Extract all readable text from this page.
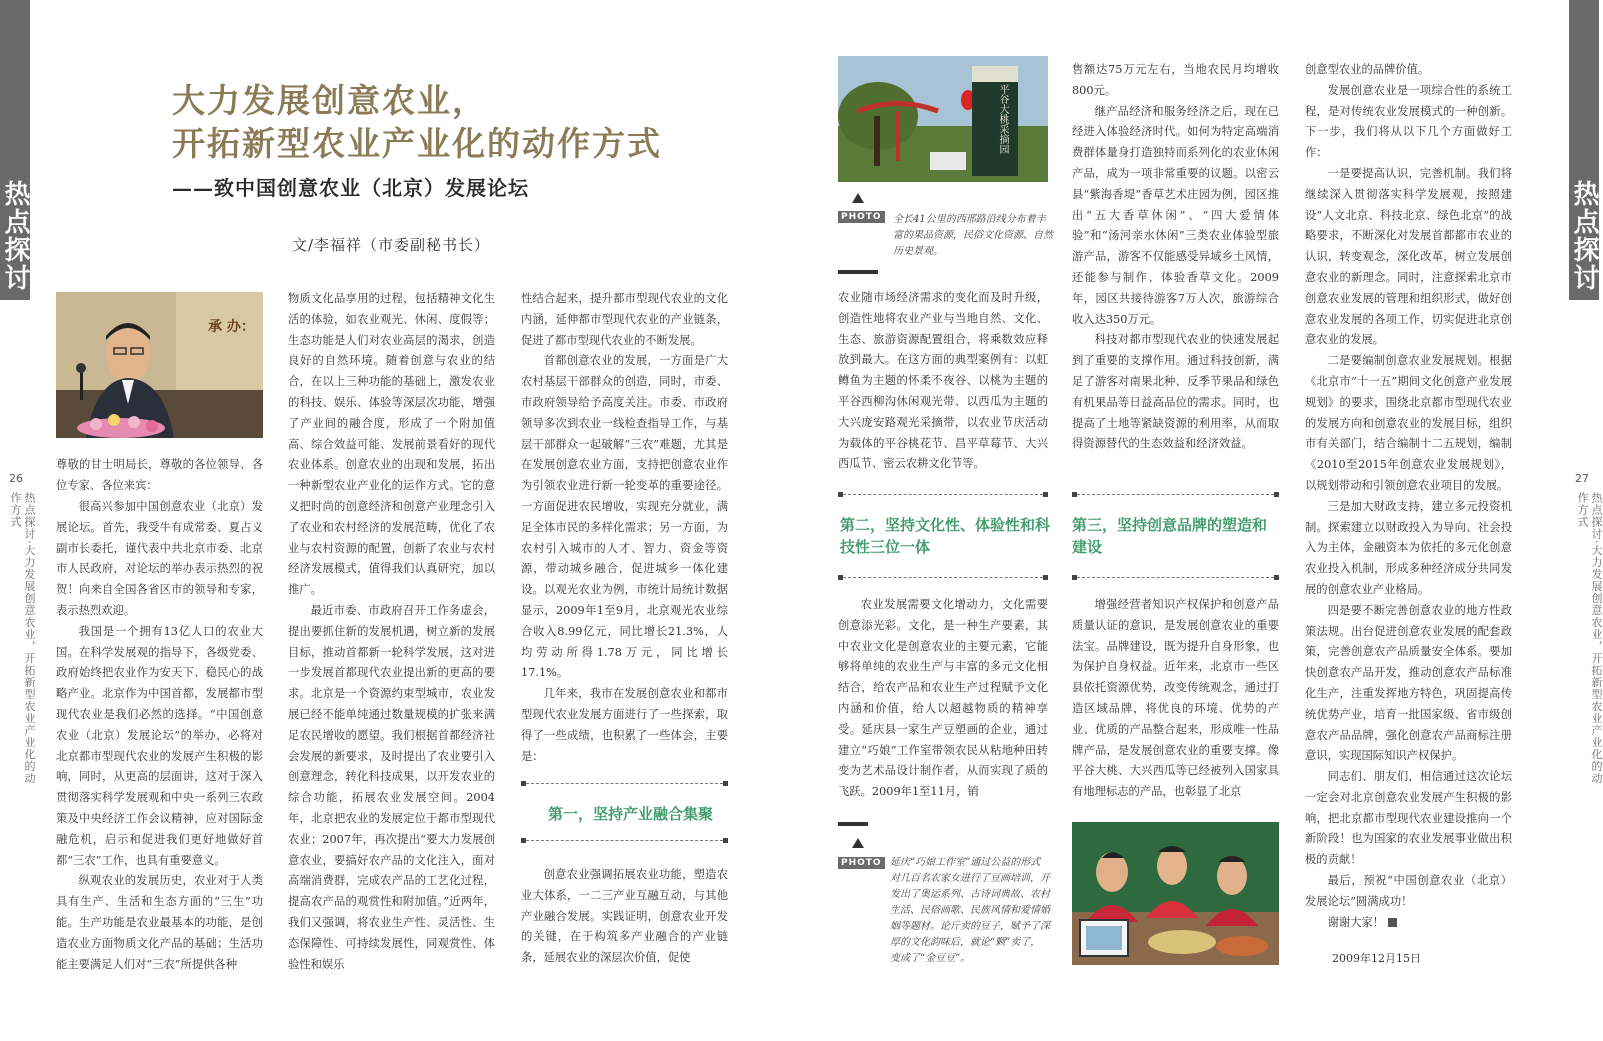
热点探讨	热点探讨
26
热点探讨·大力发展创意农业，开拓新型农业产业化的动作方式
27
热点探讨·大力发展创意农业，开拓新型农业产业化的动作方式
大力发展创意农业，
开拓新型农业产业化的动作方式
——致中国创意农业（北京）发展论坛
文/李福祥（市委副秘书长）
承 办：

尊敬的甘士明局长，尊敬的各位领导、各位专家、各位来宾：

很高兴参加中国创意农业（北京）发展论坛。首先，我受牛有成常委、夏占义副市长委托，谨代表中共北京市委、北京市人民政府，对论坛的举办表示热烈的祝贺！向来自全国各省区市的领导和专家，表示热烈欢迎。

我国是一个拥有13亿人口的农业大国。在科学发展观的指导下，各级党委、政府始终把农业作为安天下、稳民心的战略产业。北京作为中国首都，发展都市型现代农业是我们必然的选择。“中国创意农业（北京）发展论坛”的举办，必将对北京都市型现代农业的发展产生积极的影响，同时，从更高的层面讲，这对于深入贯彻落实科学发展观和中央一系列三农政策及中央经济工作会议精神，应对国际金融危机，启示和促进我们更好地做好首都“三农”工作，也具有重要意义。

纵观农业的发展历史，农业对于人类具有生产、生活和生态方面的“三生”功能。生产功能是农业最基本的功能，是创造农业方面物质文化产品的基础；生活功能主要满足人们对“三农”所提供各种

物质文化品享用的过程，包括精神文化生活的体验，如农业观光、休闲、度假等；生态功能是人们对农业高层的渴求，创造良好的自然环境。随着创意与农业的结合，在以上三种功能的基础上，激发农业的科技、娱乐、体验等深层次功能，增强了产业间的融合度，形成了一个附加值高、综合效益可能、发展前景看好的现代农业体系。创意农业的出现和发展，拓出一种新型农业产业化的运作方式。它的意义把时尚的创意经济和创意产业理念引入了农业和农村经济的发展范畴，优化了农业与农村资源的配置，创新了农业与农村经济发展模式，值得我们认真研究，加以推广。

最近市委、市政府召开工作务虚会，提出要抓住新的发展机遇，树立新的发展目标，推动首都新一轮科学发展，这对进一步发展首都现代农业提出新的更高的要求。北京是一个资源约束型城市，农业发展已经不能单纯通过数量规模的扩张来满足农民增收的愿望。我们根据首都经济社会发展的新要求，及时提出了农业要引入创意理念，转化科技成果，以开发农业的综合功能，拓展农业发展空间。2004年，北京把农业的发展定位于都市型现代农业；2007年，再次提出“要大力发展创意农业，要搞好农产品的文化注入，面对高端消费群，完成农产品的工艺化过程，提高农产品的观赏性和附加值。”近两年，我们又强调，将农业生产性、灵活性、生态保障性、可持续发展性，同观赏性、体验性和娱乐

性结合起来，提升都市型现代农业的文化内涵，延伸都市型现代农业的产业链条，促进了都市型现代农业的不断发展。

首都创意农业的发展，一方面是广大农村基层干部群众的创造，同时，市委、市政府领导给予高度关注。市委、市政府领导多次到农业一线检查指导工作，与基层干部群众一起破解“三农”难题，尤其是在发展创意农业方面，支持把创意农业作为引领农业进行新一轮变革的重要途径。一方面促进农民增收，实现充分就业，满足全体市民的多样化需求；另一方面，为农村引入城市的人才、智力、资金等资源，带动城乡融合，促进城乡一体化建设。以观光农业为例，市统计局统计数据显示，2009年1至9月，北京观光农业综合收入8.99亿元，同比增长21.3%，人均劳动所得1.78万元，同比增长17.1%。

几年来，我市在发展创意农业和都市型现代农业发展方面进行了一些探索，取得了一些成绩，也积累了一些体会，主要是：

第一，坚持产业融合集聚

创意农业强调拓展农业功能，塑造农业大体系，一二三产业互融互动，与其他产业融合发展。实践证明，创意农业开发的关键，在于构筑多产业融合的产业链条，延展农业的深层次价值，促使

平谷大桃采摘园
PHOTO	全长41公里的西邢路沿线分布着丰富的果品资源，民俗文化资源、自然历史景观。

农业随市场经济需求的变化而及时升级，创造性地将农业产业与当地自然、文化、生态、旅游资源配置组合，将乘数效应释放到最大。在这方面的典型案例有：以虹鳟鱼为主题的怀柔不夜谷、以桃为主题的平谷西柳沟休闲观光带、以西瓜为主题的大兴庞安路观光采摘带，以农业节庆活动为载体的平谷桃花节、昌平草莓节、大兴西瓜节、密云农耕文化节等。

第二，坚持文化性、体验性和科技性三位一体

农业发展需要文化增动力，文化需要创意添光彩。文化，是一种生产要素，其中农业文化是创意农业的主要元素，它能够将单纯的农业生产与丰富的多元文化相结合，给农产品和农业生产过程赋予文化内涵和价值，给人以超越物质的精神享受。延庆县一家生产豆塑画的企业，通过建立“巧娘”工作室带领农民从粘地种田转变为艺术品设计制作者，从而实现了质的飞跃。2009年1至11月，销

PHOTO 延庆“巧娘工作室”通过公益的形式对几百名农家女进行了豆画培训，开发出了奥运系列、古诗词典故、农村生活、民俗画歌、民族风情和爱情婚姻等题材。论斤卖的豆子，赋予了深厚的文化韵味后，就论“颗”卖了，变成了“金豆豆”。

售额达75万元左右，当地农民月均增收800元。

继产品经济和服务经济之后，现在已经进入体验经济时代。如何为特定高端消费群体量身打造独特而系列化的农业休闲产品，成为一项非常重要的议题。以密云县“紫海香堤”香草艺术庄园为例，园区推出“五大香草休闲”、“四大爱情体验”和“汤河亲水休闲”三类农业体验型旅游产品，游客不仅能感受异域乡土风情，还能参与制作、体验香草文化。2009年，园区共接待游客7万人次，旅游综合收入达350万元。

科技对都市型现代农业的快速发展起到了重要的支撑作用。通过科技创新，满足了游客对南果北种、反季节果品和绿色有机果品等日益高品位的需求。同时，也提高了土地等紧缺资源的利用率，从而取得资源替代的生态效益和经济效益。

第三，坚持创意品牌的塑造和建设

增强经营者知识产权保护和创意产品质量认证的意识，是发展创意农业的重要法宝。品牌建设，既为提升自身形象，也为保护自身权益。近年来，北京市一些区县依托资源优势，改变传统观念，通过打造区域品牌，将优良的环境、优势的产业、优质的产品整合起来，形成唯一性品牌产品，是发展创意农业的重要支撑。像平谷大桃、大兴西瓜等已经被列入国家具有地理标志的产品，也彰显了北京

创意型农业的品牌价值。

发展创意农业是一项综合性的系统工程，是对传统农业发展模式的一种创新。下一步，我们将从以下几个方面做好工作：

一是要提高认识，完善机制。我们将继续深入贯彻落实科学发展观，按照建设“人文北京、科技北京、绿色北京”的战略要求，不断深化对发展首都都市农业的认识，转变观念，深化改革，树立发展创意农业的新理念。同时，注意探索北京市创意农业发展的管理和组织形式，做好创意农业发展的各项工作，切实促进北京创意农业的发展。

二是要编制创意农业发展规划。根据《北京市“十一五”期间文化创意产业发展规划》的要求，围绕北京都市型现代农业的发展方向和创意农业的发展目标，组织市有关部门，结合编制十二五规划，编制《2010至2015年创意农业发展规划》，以规划带动和引领创意农业项目的发展。

三是加大财政支持，建立多元投资机制。探索建立以财政投入为导向、社会投入为主体，金融资本为依托的多元化创意农业投入机制，形成多种经济成分共同发展的创意农业产业格局。

四是要不断完善创意农业的地方性政策法规。出台促进创意农业发展的配套政策，完善创意农产品质量安全体系。要加快创意农产品开发，推动创意农产品标准化生产，注重发挥地方特色，巩固提高传统优势产业，培育一批国家级、省市级创意农产品品牌，强化创意农产品商标注册意识，实现国际知识产权保护。

同志们、朋友们，相信通过这次论坛一定会对北京创意农业发展产生积极的影响，把北京都市型现代农业建设推向一个新阶段！也为国家的农业发展事业做出积极的贡献！

最后，预祝“中国创意农业（北京）发展论坛”圆满成功！

谢谢大家！

2009年12月15日
